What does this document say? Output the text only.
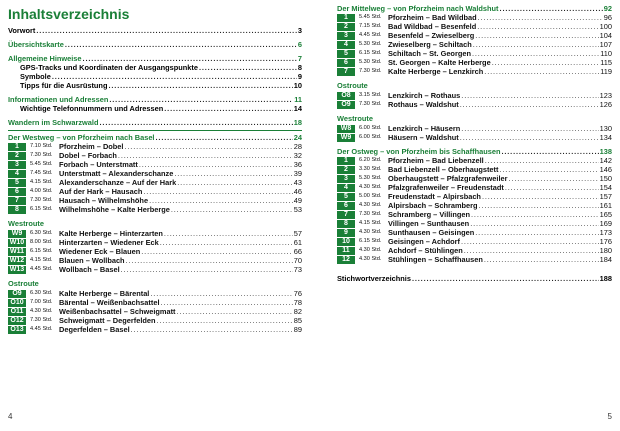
Inhaltsverzeichnis
Vorwort . . .	3
Übersichtskarte . . .	6
Allgemeine Hinweise . . .	7
GPS-Tracks und Koordinaten der Ausgangspunkte . . .	8
Symbole . . .	9
Tipps für die Ausrüstung . . .	10
Informationen und Adressen . . .	11
Wichtige Telefonnummern und Adressen . . .	14
Wandern im Schwarzwald . . .	18
Der Westweg – von Pforzheim nach Basel . . .	24
1	7.10 Std. Pforzheim – Dobel . . .	28
2	7.30 Std. Dobel – Forbach . . .	32
3	5.45 Std. Forbach – Unterstmatt . . .	36
4	7.45 Std. Unterstmatt – Alexanderschanze . . .	39
5	4.15 Std. Alexanderschanze – Auf der Hark . . .	43
6	4.00 Std. Auf der Hark – Hausach . . .	46
7	7.30 Std. Hausach – Wilhelmshöhe . . .	49
8	6.15 Std. Wilhelmshöhe – Kalte Herberge . . .	53
Westroute
W9	6.30 Std. Kalte Herberge – Hinterzarten . . .	57
W10	8.00 Std. Hinterzarten – Wiedener Eck . . .	61
W11	6.15 Std. Wiedener Eck – Blauen . . .	66
W12	4.15 Std. Blauen – Wollbach . . .	70
W13	4.45 Std. Wollbach – Basel . . .	73
Ostroute
O9	6.30 Std. Kalte Herberge – Bärental . . .	76
O10	7.00 Std. Bärental – Weißenbachsattel . . .	78
O11	4.30 Std. Weißenbachsattel – Schweigmatt . . .	82
O12	7.30 Std. Schweigmatt – Degerfelden . . .	85
O13	4.45 Std. Degerfelden – Basel . . .	89
4
Der Mittelweg – von Pforzheim nach Waldshut . . .	92
1	5.45 Std. Pforzheim – Bad Wildbad . . .	96
2	7.15 Std. Bad Wildbad – Besenfeld . . .	100
3	4.45 Std. Besenfeld – Zwieselberg . . .	104
4	5.30 Std. Zwieselberg – Schiltach . . .	107
5	6.15 Std. Schiltach – St. Georgen . . .	110
6	5.30 Std. St. Georgen – Kalte Herberge . . .	115
7	7.30 Std. Kalte Herberge – Lenzkirch . . .	119
Ostroute
O8	3.15 Std. Lenzkirch – Rothaus . . .	123
O9	7.30 Std. Rothaus – Waldshut . . .	126
Westroute
W8	6.00 Std. Lenzkirch – Häusern . . .	130
W9	6.00 Std. Häusern – Waldshut . . .	134
Der Ostweg – von Pforzheim bis Schaffhausen . . .	138
1	6.20 Std. Pforzheim – Bad Liebenzell . . .	142
2	3.30 Std. Bad Liebenzell – Oberhaugstett . . .	146
3	5.30 Std. Oberhaugstett – Pfalzgrafenweiler . . .	150
4	4.30 Std. Pfalzgrafenweiler – Freudenstadt . . .	154
5	5.00 Std. Freudenstadt – Alpirsbach . . .	157
6	4.30 Std. Alpirsbach – Schramberg . . .	161
7	7.30 Std. Schramberg – Villingen . . .	165
8	4.15 Std. Villingen – Sunthausen . . .	169
9	4.30 Std. Sunthausen – Geisingen . . .	173
10	6.15 Std. Geisingen – Achdorf . . .	176
11	4.30 Std. Achdorf – Stühlingen . . .	180
12	4.30 Std. Stühlingen – Schaffhausen . . .	184
Stichwortverzeichnis . . .	188
5
